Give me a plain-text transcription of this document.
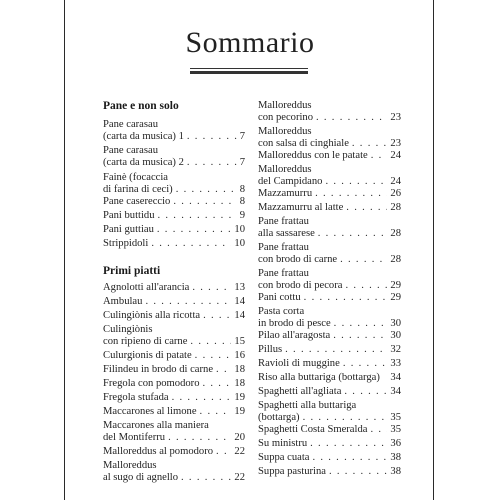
Sommario
Pane e non solo
Pane carasau
(carta da musica) 1 . . .	7
Pane carasau
(carta da musica) 2 . . .	7
Fainè (focaccia
di farina di ceci) . . .	8
Pane casereccio . . .	8
Pani buttidu . . .	9
Pani guttiau . . .	10
Strippidoli . . .	10
Primi piatti
Agnolotti all'arancia . . .	13
Ambulau . . .	14
Culingiònis alla ricotta . . .	14
Culingiònis
con ripieno di carne . . .	15
Culurgionis di patate . . .	16
Filindeu in brodo di carne . . . 18
Fregola con pomodoro . . .	18
Fregola stufada . . .	19
Maccarones al limone . . .	19
Maccarones alla maniera
del Montiferru . . .	20
Malloreddus al pomodoro . . . 22
Malloreddus
al sugo di agnello . . .	22
Malloreddus
con pecorino . . .	23
Malloreddus
con salsa di cinghiale . . .	23
Malloreddus con le patate . . . 24
Malloreddus
del Campidano . . .	24
Mazzamurru . . .	26
Mazzamurru al latte . . .	28
Pane frattau
alla sassarese . . .	28
Pane frattau
con brodo di carne . . .	28
Pane frattau
con brodo di pecora . . .	29
Pani cottu . . .	29
Pasta corta
in brodo di pesce . . .	30
Pilao all'aragosta . . .	30
Pillus . . .	32
Ravioli di muggine . . .	33
Riso alla buttariga (bottarga) 34
Spaghetti all'agliata . . .	34
Spaghetti alla buttariga
(bottarga) . . .	35
Spaghetti Costa Smeralda . . . 35
Su ministru . . .	36
Suppa cuata . . .	38
Suppa pasturina . . .	38
